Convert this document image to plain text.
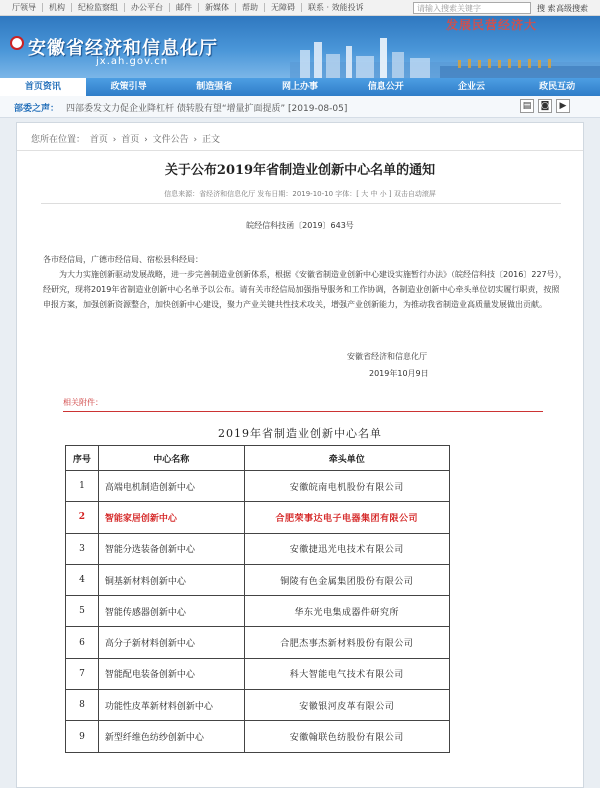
厅领导	机构	纪检监察组	办公平台	邮件	新媒体	帮助	无障碍	联系 · 效能投诉	请输入搜索关键字	搜 索 高级搜索
发展民营经济大
安徽省经济和信息化厅
jx.ah.gov.cn
首页资讯	政策引导	制造强省	网上办事	信息公开	企业云	政民互动
部委之声： 四部委发文力促企业降杠杆 债转股有望“增量扩面提质” [2019-08-05]	▤	◙	▶
您所在位置： 首页 › 首页 › 文件公告 › 正文
关于公布2019年省制造业创新中心名单的通知
信息来源：省经济和信息化厅 发布日期：2019-10-10 字体：[ 大 中 小 ] 双击自动滚屏
皖经信科技函〔2019〕643号

各市经信局，广德市经信局、宿松县科经局：

为大力实施创新驱动发展战略，进一步完善制造业创新体系，根据《安徽省制造业创新中心建设实施暂行办法》（皖经信科技〔2016〕227号），经研究，现将2019年省制造业创新中心名单予以公布。请有关市经信局加强指导服务和工作协调，各制造业创新中心牵头单位切实履行职责，按照申报方案，加强创新资源整合，加快创新中心建设，聚力产业关键共性技术攻关，增强产业创新能力，为推动我省制造业高质量发展做出贡献。

安徽省经济和信息化厅
2019年10月9日
相关附件：
2019年省制造业创新中心名单
序号	中心名称	牵头单位
1	高端电机制造创新中心	安徽皖南电机股份有限公司
2	智能家居创新中心	合肥荣事达电子电器集团有限公司
3	智能分选装备创新中心	安徽捷迅光电技术有限公司
4	铜基新材料创新中心	铜陵有色金属集团股份有限公司
5	智能传感器创新中心	华东光电集成器件研究所
6	高分子新材料创新中心	合肥杰事杰新材料股份有限公司
7	智能配电装备创新中心	科大智能电气技术有限公司
8	功能性皮革新材料创新中心	安徽银河皮革有限公司
9	新型纤维色纺纱创新中心	安徽翰联色纺股份有限公司
